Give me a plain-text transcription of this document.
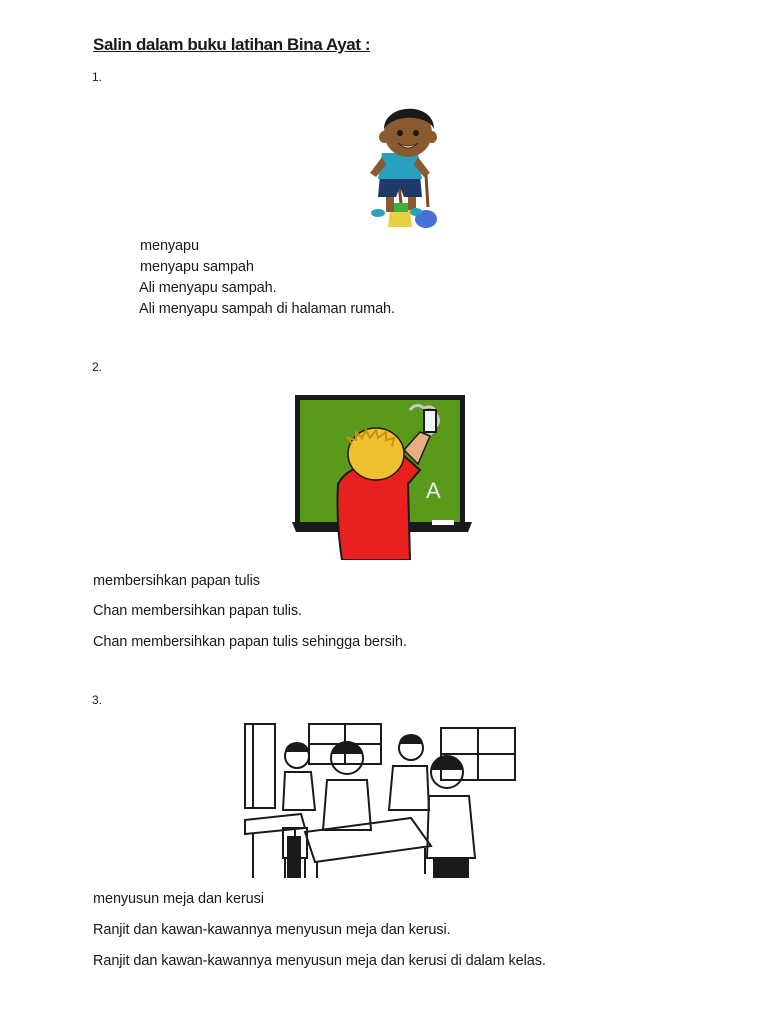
Salin dalam buku latihan Bina Ayat :
1.
menyapu
menyapu sampah
Ali menyapu sampah.
Ali menyapu sampah di halaman rumah.
2.
A
membersihkan papan tulis
Chan membersihkan papan tulis.
Chan membersihkan papan tulis sehingga bersih.
3.
menyusun meja dan kerusi
Ranjit dan kawan-kawannya menyusun meja dan kerusi.
Ranjit dan kawan-kawannya menyusun meja dan kerusi di dalam kelas.
